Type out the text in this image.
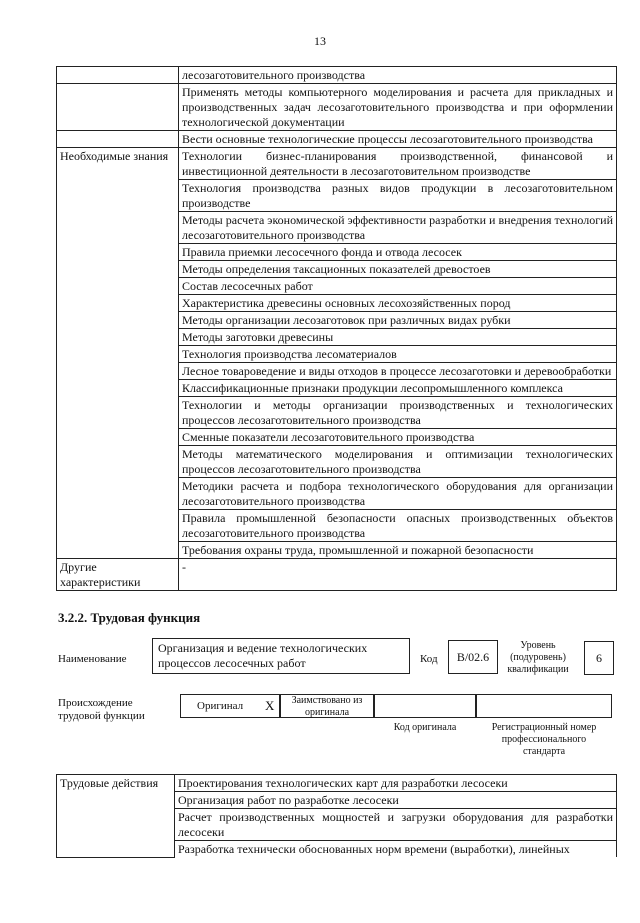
13
	лесозаготовительного производства
	Применять методы компьютерного моделирования и расчета для прикладных и производственных задач лесозаготовительного производства и при оформлении технологической документации
	Вести основные технологические процессы лесозаготовительного производства
Необходимые знания	Технологии бизнес-планирования производственной, финансовой и инвестиционной деятельности в лесозаготовительном производстве
	Технология производства разных видов продукции в лесозаготовительном производстве
	Методы расчета экономической эффективности разработки и внедрения технологий лесозаготовительного производства
	Правила приемки лесосечного фонда и отвода лесосек
	Методы определения таксационных показателей древостоев
	Состав лесосечных работ
	Характеристика древесины основных лесохозяйственных пород
	Методы организации лесозаготовок при различных видах рубки
	Методы заготовки древесины
	Технология производства лесоматериалов
	Лесное товароведение и виды отходов в процессе лесозаготовки и деревообработки
	Классификационные признаки продукции лесопромышленного комплекса
	Технологии и методы организации производственных и технологических процессов лесозаготовительного производства
	Сменные показатели лесозаготовительного производства
	Методы математического моделирования и оптимизации технологических процессов лесозаготовительного производства
	Методики расчета и подбора технологического оборудования для организации лесозаготовительного производства
	Правила промышленной безопасности опасных производственных объектов лесозаготовительного производства
	Требования охраны труда, промышленной и пожарной безопасности
Другие характеристики	-
3.2.2. Трудовая функция
Наименование
Организация и ведение технологических процессов лесосечных работ	Код	B/02.6
Уровень (подуровень) квалификации
6
Происхождение трудовой функции
Оригинал X	Заимствовано из оригинала
Код оригинала	Регистрационный номер профессионального стандарта
Трудовые действия	Проектирования технологических карт для разработки лесосеки
Организация работ по разработке лесосеки
Расчет производственных мощностей и загрузки оборудования для разработки лесосеки
Разработка технически обоснованных норм времени (выработки), линейных
